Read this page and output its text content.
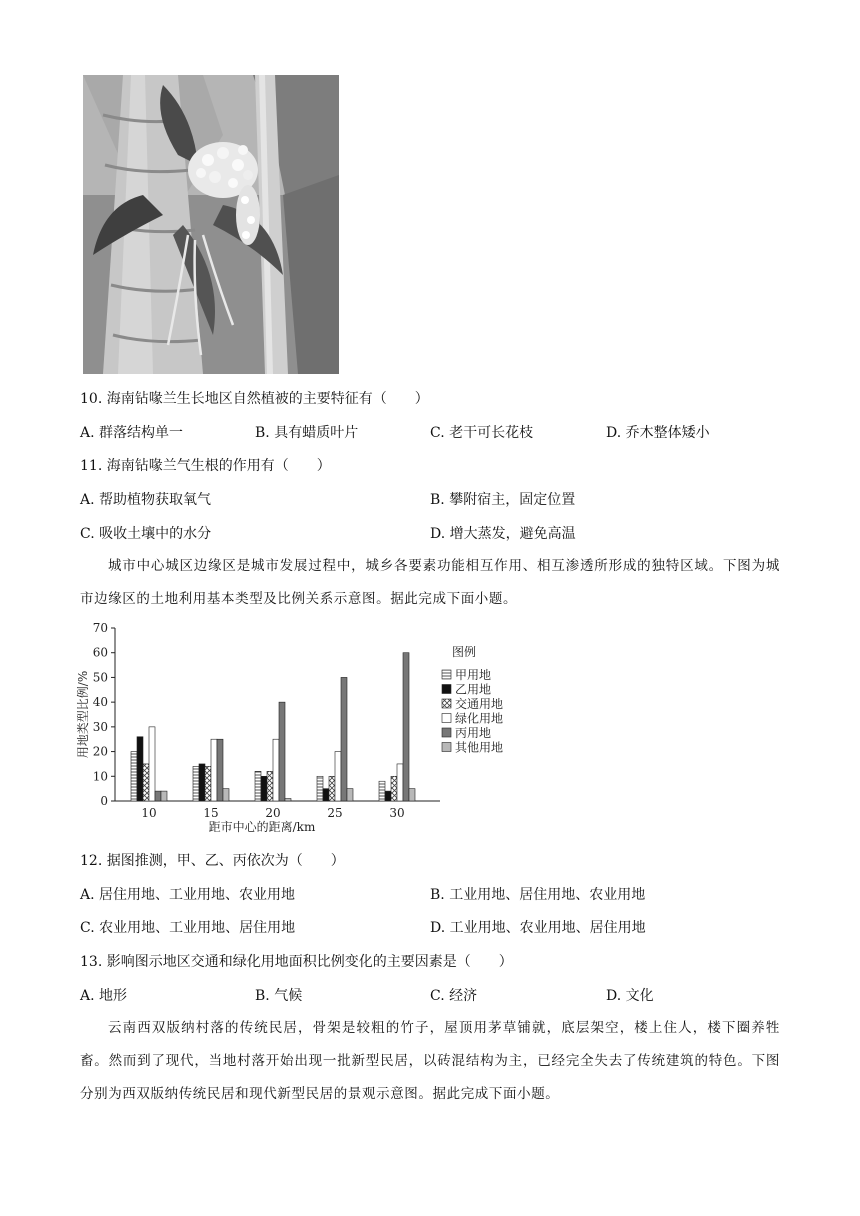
10. 海南钻喙兰生长地区自然植被的主要特征有（　　）
A. 群落结构单一	B. 具有蜡质叶片	C. 老干可长花枝	D. 乔木整体矮小
11. 海南钻喙兰气生根的作用有（　　）
A. 帮助植物获取氧气	B. 攀附宿主，固定位置
C. 吸收土壤中的水分	D. 增大蒸发，避免高温
城市中心城区边缘区是城市发展过程中，城乡各要素功能相互作用、相互渗透所形成的独特区域。下图为城市边缘区的土地利用基本类型及比例关系示意图。据此完成下面小题。
0
10
20
30
40
50
60
70
用地类型比例/%
10	15	20	25	30
距市中心的距离/km
图例
甲用地
乙用地
交通用地
绿化用地
丙用地
其他用地
12. 据图推测，甲、乙、丙依次为（　　）
A. 居住用地、工业用地、农业用地	B. 工业用地、居住用地、农业用地
C. 农业用地、工业用地、居住用地	D. 工业用地、农业用地、居住用地
13. 影响图示地区交通和绿化用地面积比例变化的主要因素是（　　）
A. 地形	B. 气候	C. 经济	D. 文化
云南西双版纳村落的传统民居，骨架是较粗的竹子，屋顶用茅草铺就，底层架空，楼上住人，楼下圈养牲畜。然而到了现代，当地村落开始出现一批新型民居，以砖混结构为主，已经完全失去了传统建筑的特色。下图分别为西双版纳传统民居和现代新型民居的景观示意图。据此完成下面小题。
